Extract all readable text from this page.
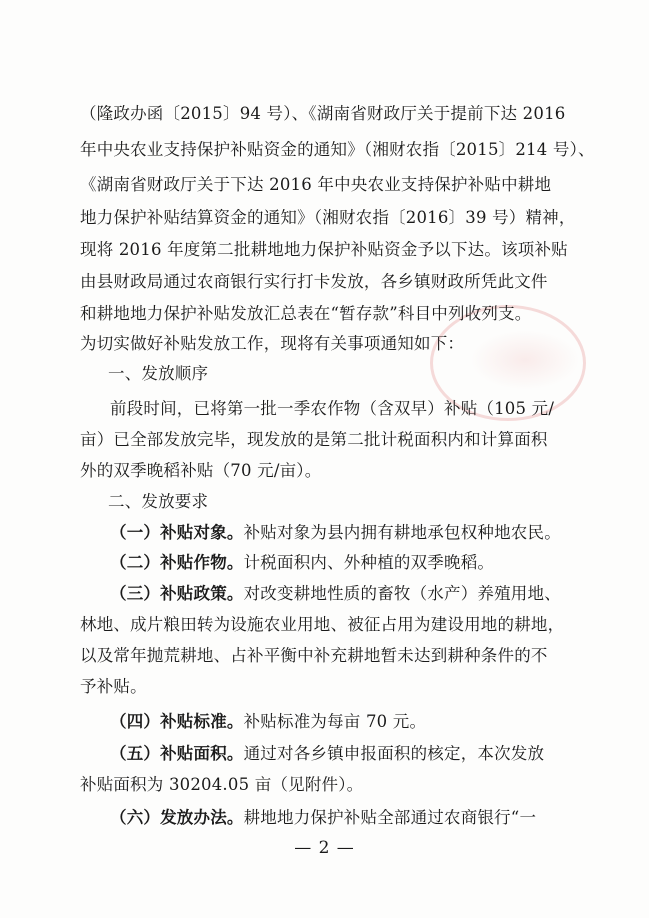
（隆政办函〔2015〕94 号）、《湖南省财政厅关于提前下达 2016
年中央农业支持保护补贴资金的通知》（湘财农指〔2015〕214 号）、
《湖南省财政厅关于下达 2016 年中央农业支持保护补贴中耕地
地力保护补贴结算资金的通知》（湘财农指〔2016〕39 号）精神，
现将 2016 年度第二批耕地地力保护补贴资金予以下达。该项补贴
由县财政局通过农商银行实行打卡发放，各乡镇财政所凭此文件
和耕地地力保护补贴发放汇总表在“暂存款”科目中列收列支。
为切实做好补贴发放工作，现将有关事项通知如下：
一、发放顺序
前段时间，已将第一批一季农作物（含双早）补贴（105 元/
亩）已全部发放完毕，现发放的是第二批计税面积内和计算面积
外的双季晚稻补贴（70 元/亩）。
二、发放要求
（一）补贴对象。补贴对象为县内拥有耕地承包权种地农民。
（二）补贴作物。计税面积内、外种植的双季晚稻。
（三）补贴政策。对改变耕地性质的畜牧（水产）养殖用地、
林地、成片粮田转为设施农业用地、被征占用为建设用地的耕地，
以及常年抛荒耕地、占补平衡中补充耕地暂未达到耕种条件的不
予补贴。
（四）补贴标准。补贴标准为每亩 70 元。
（五）补贴面积。通过对各乡镇申报面积的核定，本次发放
补贴面积为 30204.05 亩（见附件）。
（六）发放办法。耕地地力保护补贴全部通过农商银行“一
— 2 —
